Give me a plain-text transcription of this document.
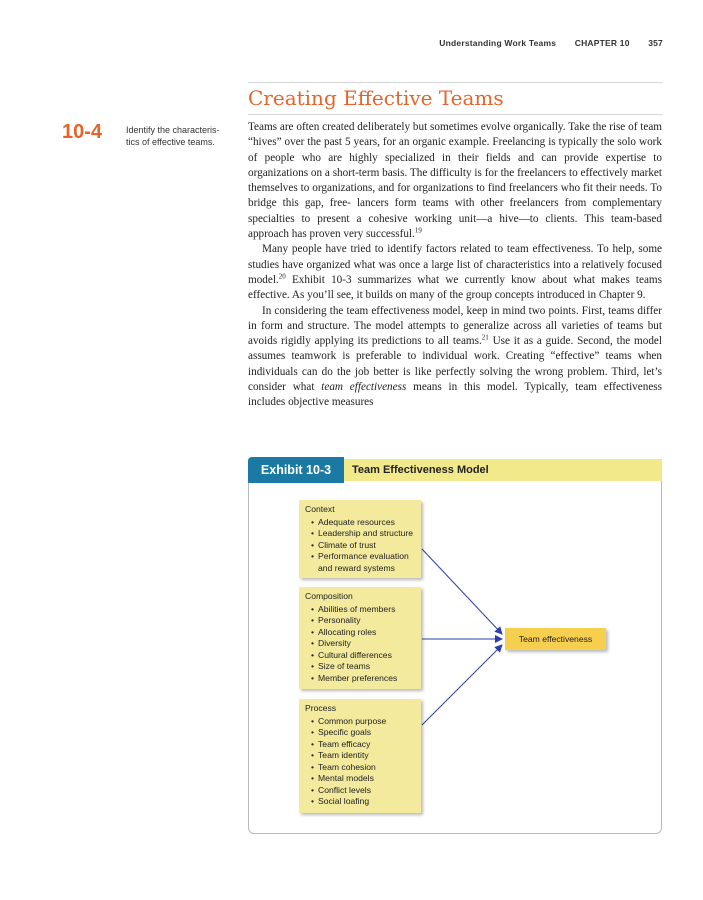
Understanding Work Teams CHAPTER 10 357
Creating Effective Teams
10-4	Identify the characteris- tics of effective teams.

Teams are often created deliberately but sometimes evolve organically. Take the rise of team “hives” over the past 5 years, for an organic example. Freelancing is typically the solo work of people who are highly specialized in their fields and can provide expertise to organizations on a short-term basis. The difficulty is for the freelancers to effectively market themselves to organizations, and for organizations to find freelancers who fit their needs. To bridge this gap, free- lancers form teams with other freelancers from complementary specialties to present a cohesive working unit—a hive—to clients. This team-based approach has proven very successful.$^{19}$

Many people have tried to identify factors related to team effectiveness. To help, some studies have organized what was once a large list of characteristics into a relatively focused model.$^{20}$ Exhibit 10-3 summarizes what we currently know about what makes teams effective. As you’ll see, it builds on many of the group concepts introduced in Chapter 9.

In considering the team effectiveness model, keep in mind two points. First, teams differ in form and structure. The model attempts to generalize across all varieties of teams but avoids rigidly applying its predictions to all teams.$^{21}$ Use it as a guide. Second, the model assumes teamwork is preferable to individual work. Creating “effective” teams when individuals can do the job better is like perfectly solving the wrong problem. Third, let’s consider what team effectiveness means in this model. Typically, team effectiveness includes objective measures

Exhibit 10-3	Team Effectiveness Model
Context
• Adequate resources
• Leadership and structure
• Climate of trust
• Performance evaluation and reward systems
Composition
• Abilities of members
• Personality
• Allocating roles
• Diversity
• Cultural differences
• Size of teams
• Member preferences
Process
• Common purpose
• Specific goals
• Team efficacy
• Team identity
• Team cohesion
• Mental models
• Conflict levels
• Social loafing
Team effectiveness
